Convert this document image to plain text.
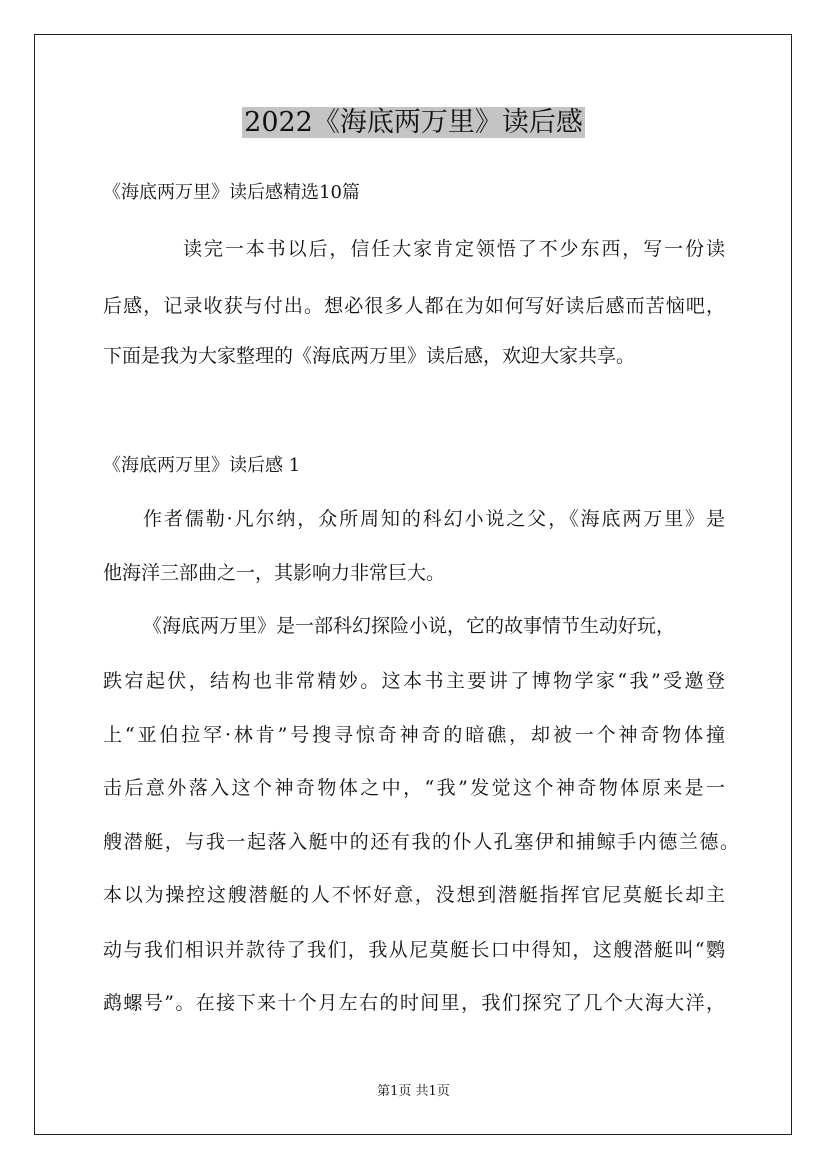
2022《海底两万里》读后感
《海底两万里》读后感精选10篇
读完一本书以后，信任大家肯定领悟了不少东西，写一份读
后感，记录收获与付出。想必很多人都在为如何写好读后感而苦恼吧，
下面是我为大家整理的《海底两万里》读后感，欢迎大家共享。
《海底两万里》读后感 1
作者儒勒·凡尔纳，众所周知的科幻小说之父，《海底两万里》是
他海洋三部曲之一，其影响力非常巨大。
《海底两万里》是一部科幻探险小说，它的故事情节生动好玩，
跌宕起伏，结构也非常精妙。这本书主要讲了博物学家“我”受邀登
上“亚伯拉罕·林肯”号搜寻惊奇神奇的暗礁，却被一个神奇物体撞
击后意外落入这个神奇物体之中，“我”发觉这个神奇物体原来是一
艘潜艇，与我一起落入艇中的还有我的仆人孔塞伊和捕鲸手内德兰德。
本以为操控这艘潜艇的人不怀好意，没想到潜艇指挥官尼莫艇长却主
动与我们相识并款待了我们，我从尼莫艇长口中得知，这艘潜艇叫“鹦
鹉螺号”。在接下来十个月左右的时间里，我们探究了几个大海大洋，
第1页 共1页
